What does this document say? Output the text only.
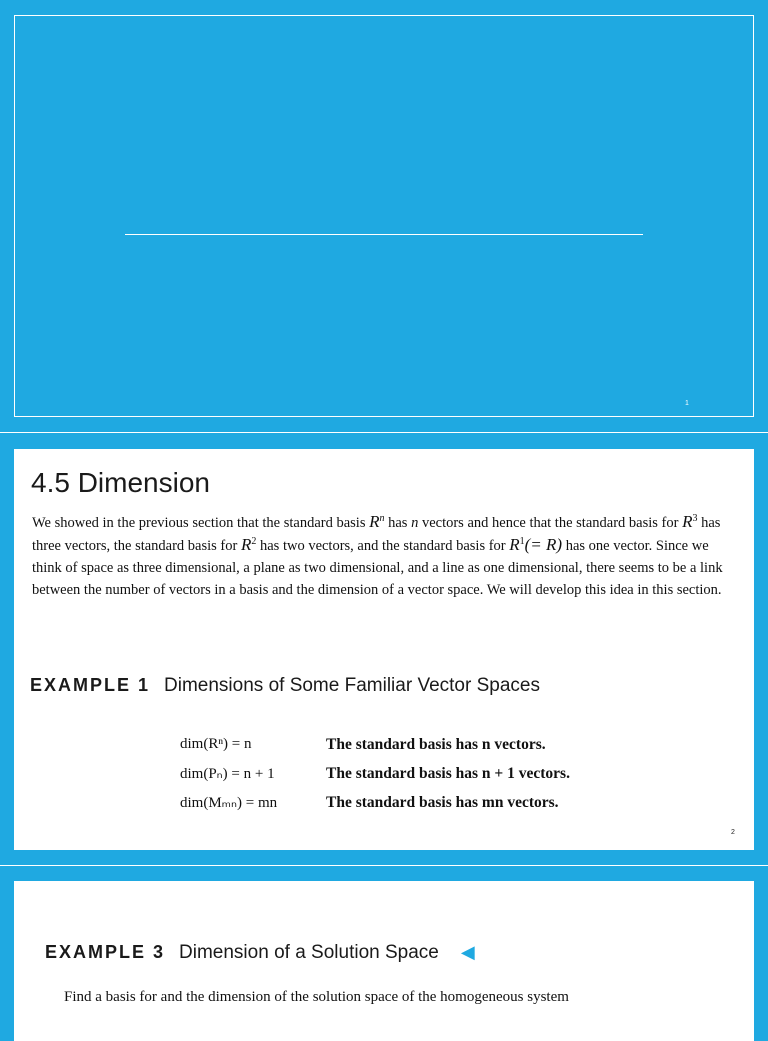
1
4.5 Dimension

We showed in the previous section that the standard basis $R^n$ has n vectors and hence that the standard basis for $R^3$ has three vectors, the standard basis for $R^2$ has two vectors, and the standard basis for $R^1(= R)$ has one vector. Since we think of space as three dimensional, a plane as two dimensional, and a line as one dimensional, there seems to be a link between the number of vectors in a basis and the dimension of a vector space. We will develop this idea in this section.

EXAMPLE 1 Dimensions of Some Familiar Vector Spaces
dim(Rⁿ) = n	The standard basis has n vectors.
dim(Pₙ) = n + 1	The standard basis has n + 1 vectors.
dim(Mₘₙ) = mn	The standard basis has mn vectors.
2
EXAMPLE 3 Dimension of a Solution Space ◀

Find a basis for and the dimension of the solution space of the homogeneous system
